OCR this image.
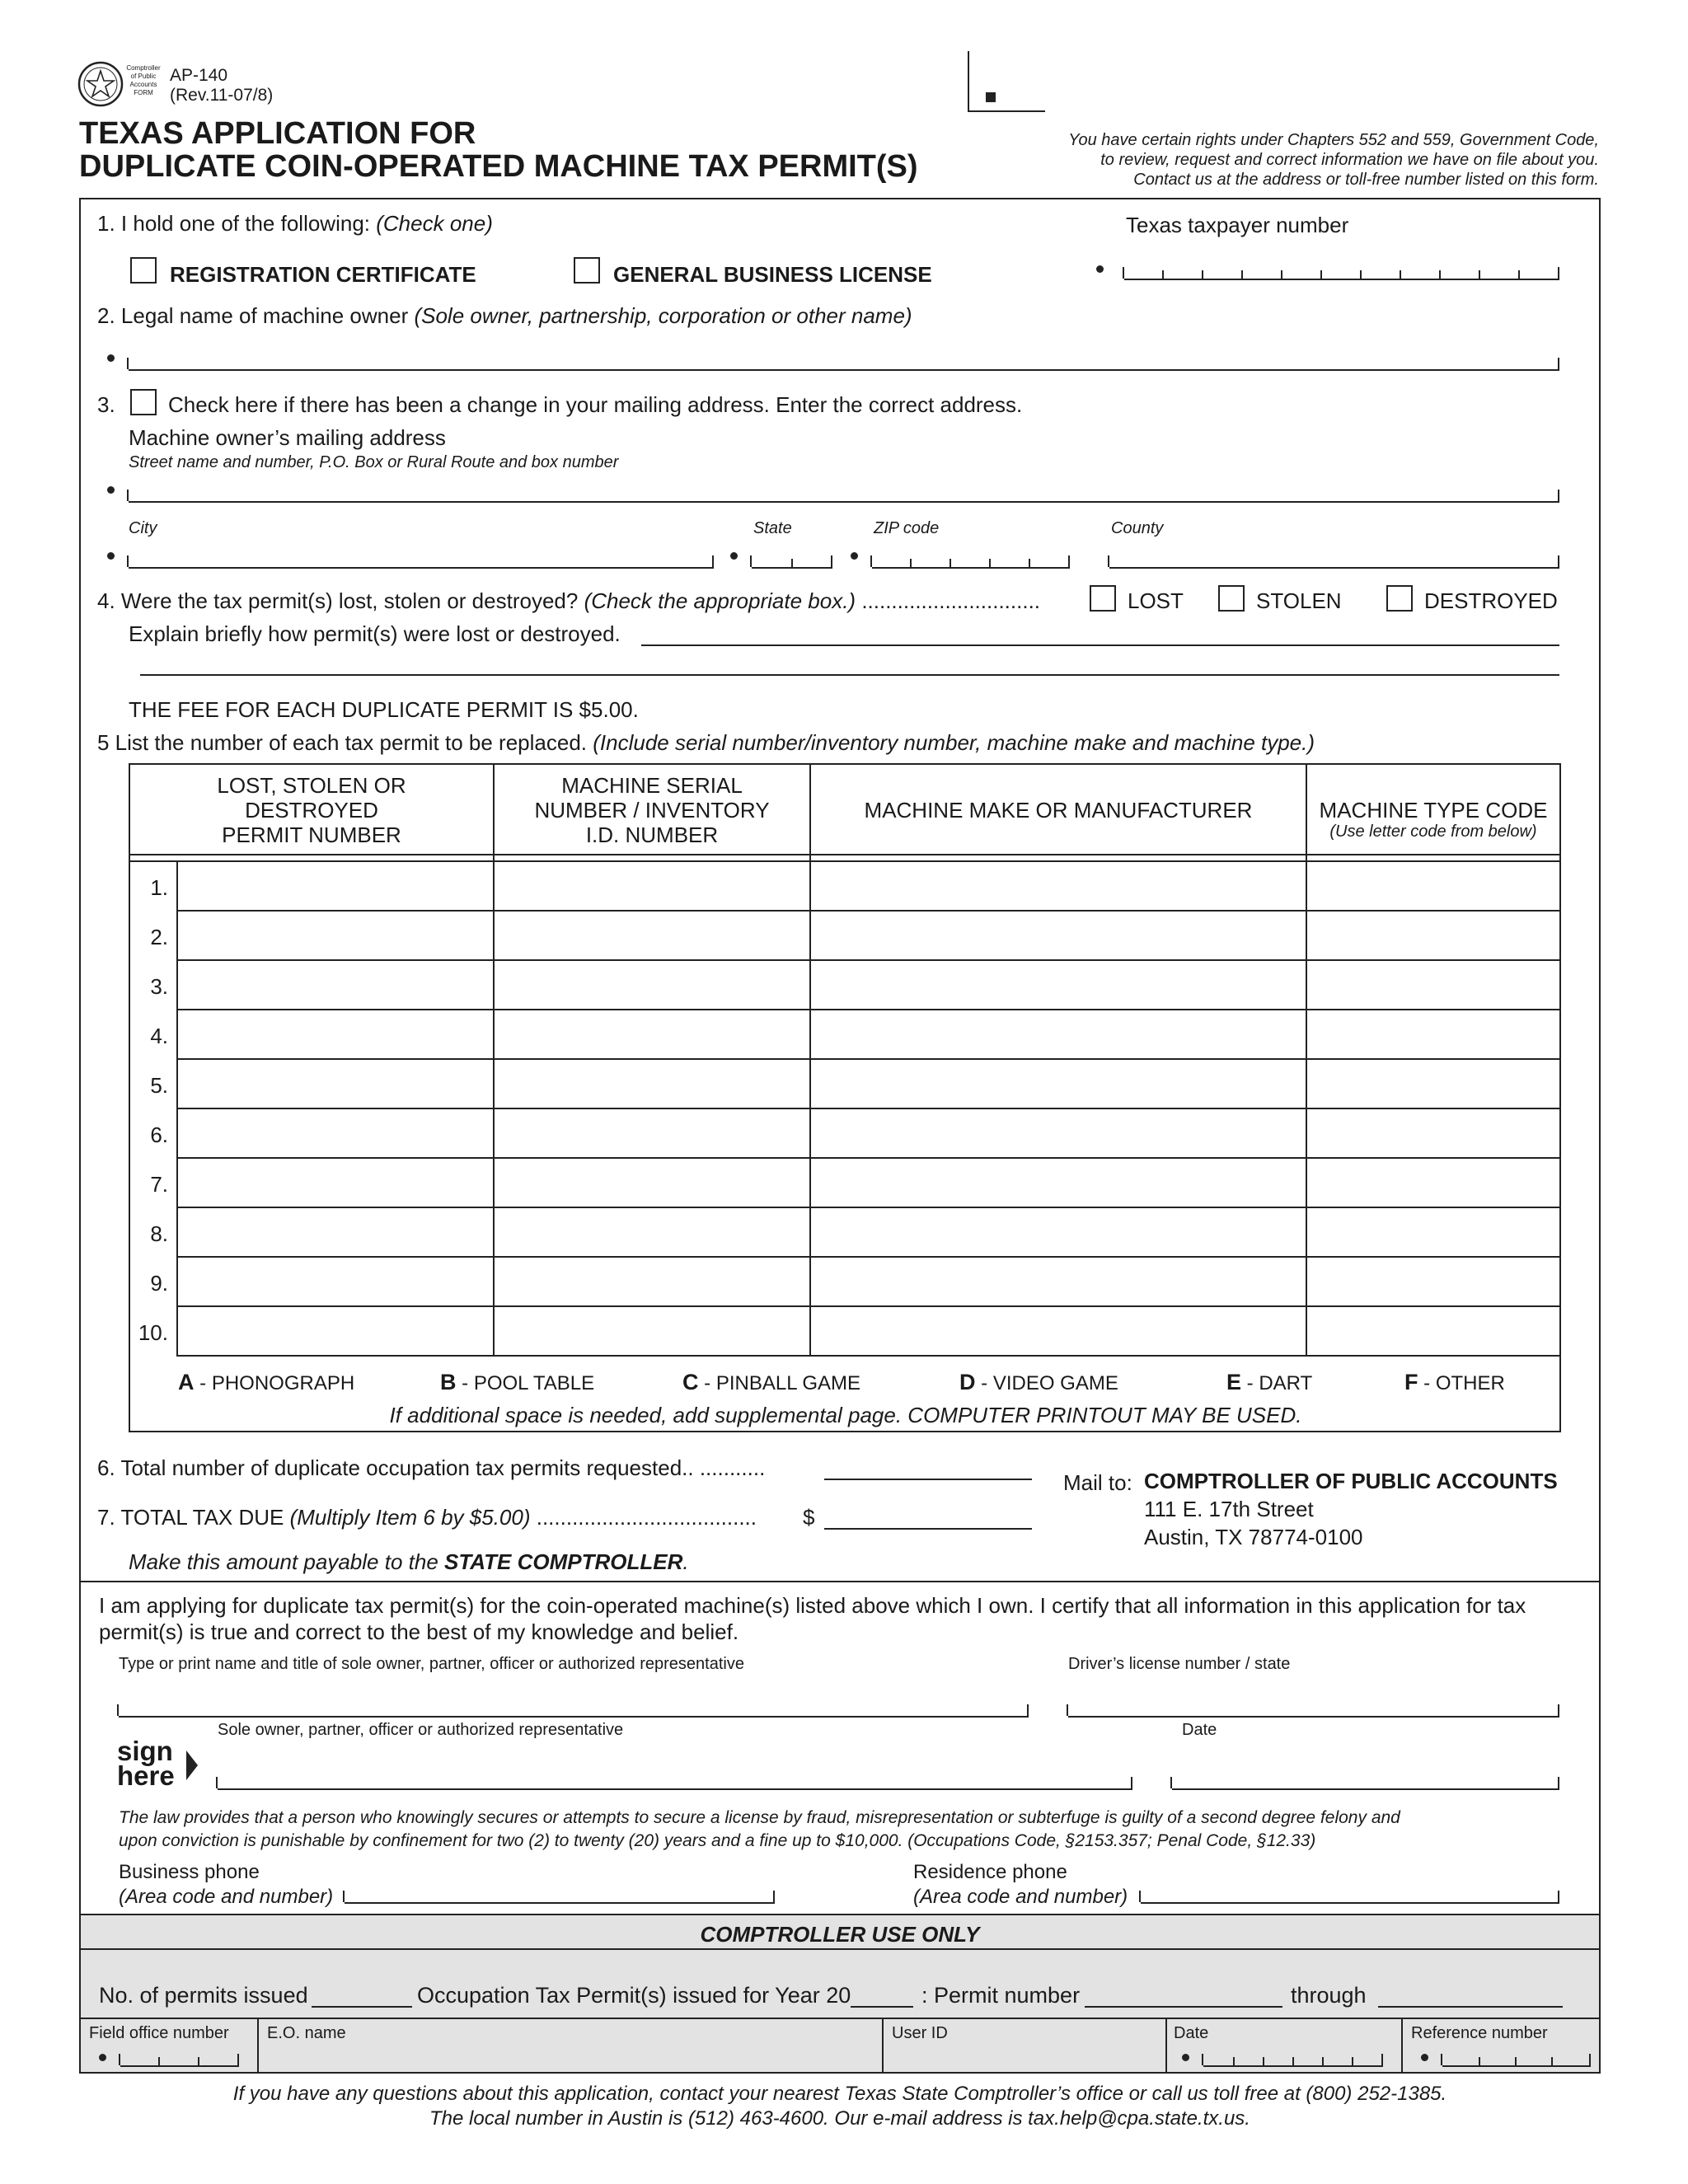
Comptroller
of Public
Accounts
FORM
AP-140
(Rev.11-07/8)
TEXAS APPLICATION FOR
DUPLICATE COIN-OPERATED MACHINE TAX PERMIT(S)
You have certain rights under Chapters 552 and 559, Government Code,
to review, request and correct information we have on file about you.
Contact us at the address or toll-free number listed on this form.
1. I hold one of the following: (Check one)
REGISTRATION CERTIFICATE	GENERAL BUSINESS LICENSE
Texas taxpayer number
2. Legal name of machine owner (Sole owner, partnership, corporation or other name)
3. Check here if there has been a change in your mailing address. Enter the correct address.
Machine owner’s mailing address
Street name and number, P.O. Box or Rural Route and box number
City	State	ZIP code	County
4. Were the tax permit(s) lost, stolen or destroyed? (Check the appropriate box.) ..............................	LOST	STOLEN	DESTROYED
Explain briefly how permit(s) were lost or destroyed.
THE FEE FOR EACH DUPLICATE PERMIT IS $5.00.
5 List the number of each tax permit to be replaced. (Include serial number/inventory number, machine make and machine type.)
LOST, STOLEN OR
DESTROYED
PERMIT NUMBER
MACHINE SERIAL
NUMBER / INVENTORY
I.D. NUMBER
MACHINE MAKE OR MANUFACTURER	MACHINE TYPE CODE
(Use letter code from below)
1.
2.
3.
4.
5.
6.
7.
8.
9.
10.
A - PHONOGRAPH	B - POOL TABLE	C - PINBALL GAME	D - VIDEO GAME	E - DART	F - OTHER
If additional space is needed, add supplemental page. COMPUTER PRINTOUT MAY BE USED.
6. Total number of duplicate occupation tax permits requested.. ...........
7. TOTAL TAX DUE (Multiply Item 6 by $5.00) ..................................... $
Make this amount payable to the STATE COMPTROLLER.
Mail to: COMPTROLLER OF PUBLIC ACCOUNTS
111 E. 17th Street
Austin, TX 78774-0100
I am applying for duplicate tax permit(s) for the coin-operated machine(s) listed above which I own. I certify that all information in this application for tax
permit(s) is true and correct to the best of my knowledge and belief.
Type or print name and title of sole owner, partner, officer or authorized representative	Driver’s license number / state
sign
here
Sole owner, partner, officer or authorized representative	Date
The law provides that a person who knowingly secures or attempts to secure a license by fraud, misrepresentation or subterfuge is guilty of a second degree felony and
upon conviction is punishable by confinement for two (2) to twenty (20) years and a fine up to $10,000. (Occupations Code, §2153.357; Penal Code, §12.33)
Business phone
(Area code and number)
Residence phone
(Area code and number)
COMPTROLLER USE ONLY
No. of permits issued	Occupation Tax Permit(s) issued for Year 20	: Permit number	through
Field office number E.O. name	User ID	Date	Reference number
If you have any questions about this application, contact your nearest Texas State Comptroller’s office or call us toll free at (800) 252-1385.
The local number in Austin is (512) 463-4600. Our e-mail address is tax.help@cpa.state.tx.us.
